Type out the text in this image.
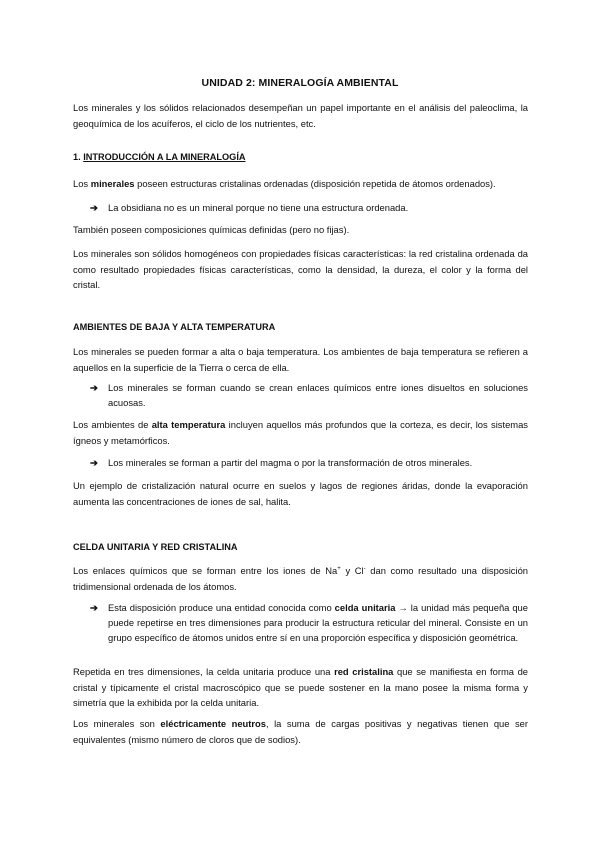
UNIDAD 2: MINERALOGÍA AMBIENTAL

Los minerales y los sólidos relacionados desempeñan un papel importante en el análisis del paleoclima, la geoquímica de los acuíferos, el ciclo de los nutrientes, etc.

1. INTRODUCCIÓN A LA MINERALOGÍA

Los minerales poseen estructuras cristalinas ordenadas (disposición repetida de átomos ordenados).

➔	La obsidiana no es un mineral porque no tiene una estructura ordenada.

También poseen composiciones químicas definidas (pero no fijas).

Los minerales son sólidos homogéneos con propiedades físicas características: la red cristalina ordenada da como resultado propiedades físicas características, como la densidad, la dureza, el color y la forma del cristal.

AMBIENTES DE BAJA Y ALTA TEMPERATURA

Los minerales se pueden formar a alta o baja temperatura. Los ambientes de baja temperatura se refieren a aquellos en la superficie de la Tierra o cerca de ella.

➔	Los minerales se forman cuando se crean enlaces químicos entre iones disueltos en soluciones acuosas.

Los ambientes de alta temperatura incluyen aquellos más profundos que la corteza, es decir, los sistemas ígneos y metamórficos.

➔	Los minerales se forman a partir del magma o por la transformación de otros minerales.

Un ejemplo de cristalización natural ocurre en suelos y lagos de regiones áridas, donde la evaporación aumenta las concentraciones de iones de sal, halita.

CELDA UNITARIA Y RED CRISTALINA

Los enlaces químicos que se forman entre los iones de Na+ y Cl- dan como resultado una disposición tridimensional ordenada de los átomos.

➔	Esta disposición produce una entidad conocida como celda unitaria → la unidad más pequeña que puede repetirse en tres dimensiones para producir la estructura reticular del mineral. Consiste en un grupo específico de átomos unidos entre sí en una proporción específica y disposición geométrica.

Repetida en tres dimensiones, la celda unitaria produce una red cristalina que se manifiesta en forma de cristal y típicamente el cristal macroscópico que se puede sostener en la mano posee la misma forma y simetría que la exhibida por la celda unitaria.

Los minerales son eléctricamente neutros, la suma de cargas positivas y negativas tienen que ser equivalentes (mismo número de cloros que de sodios).
